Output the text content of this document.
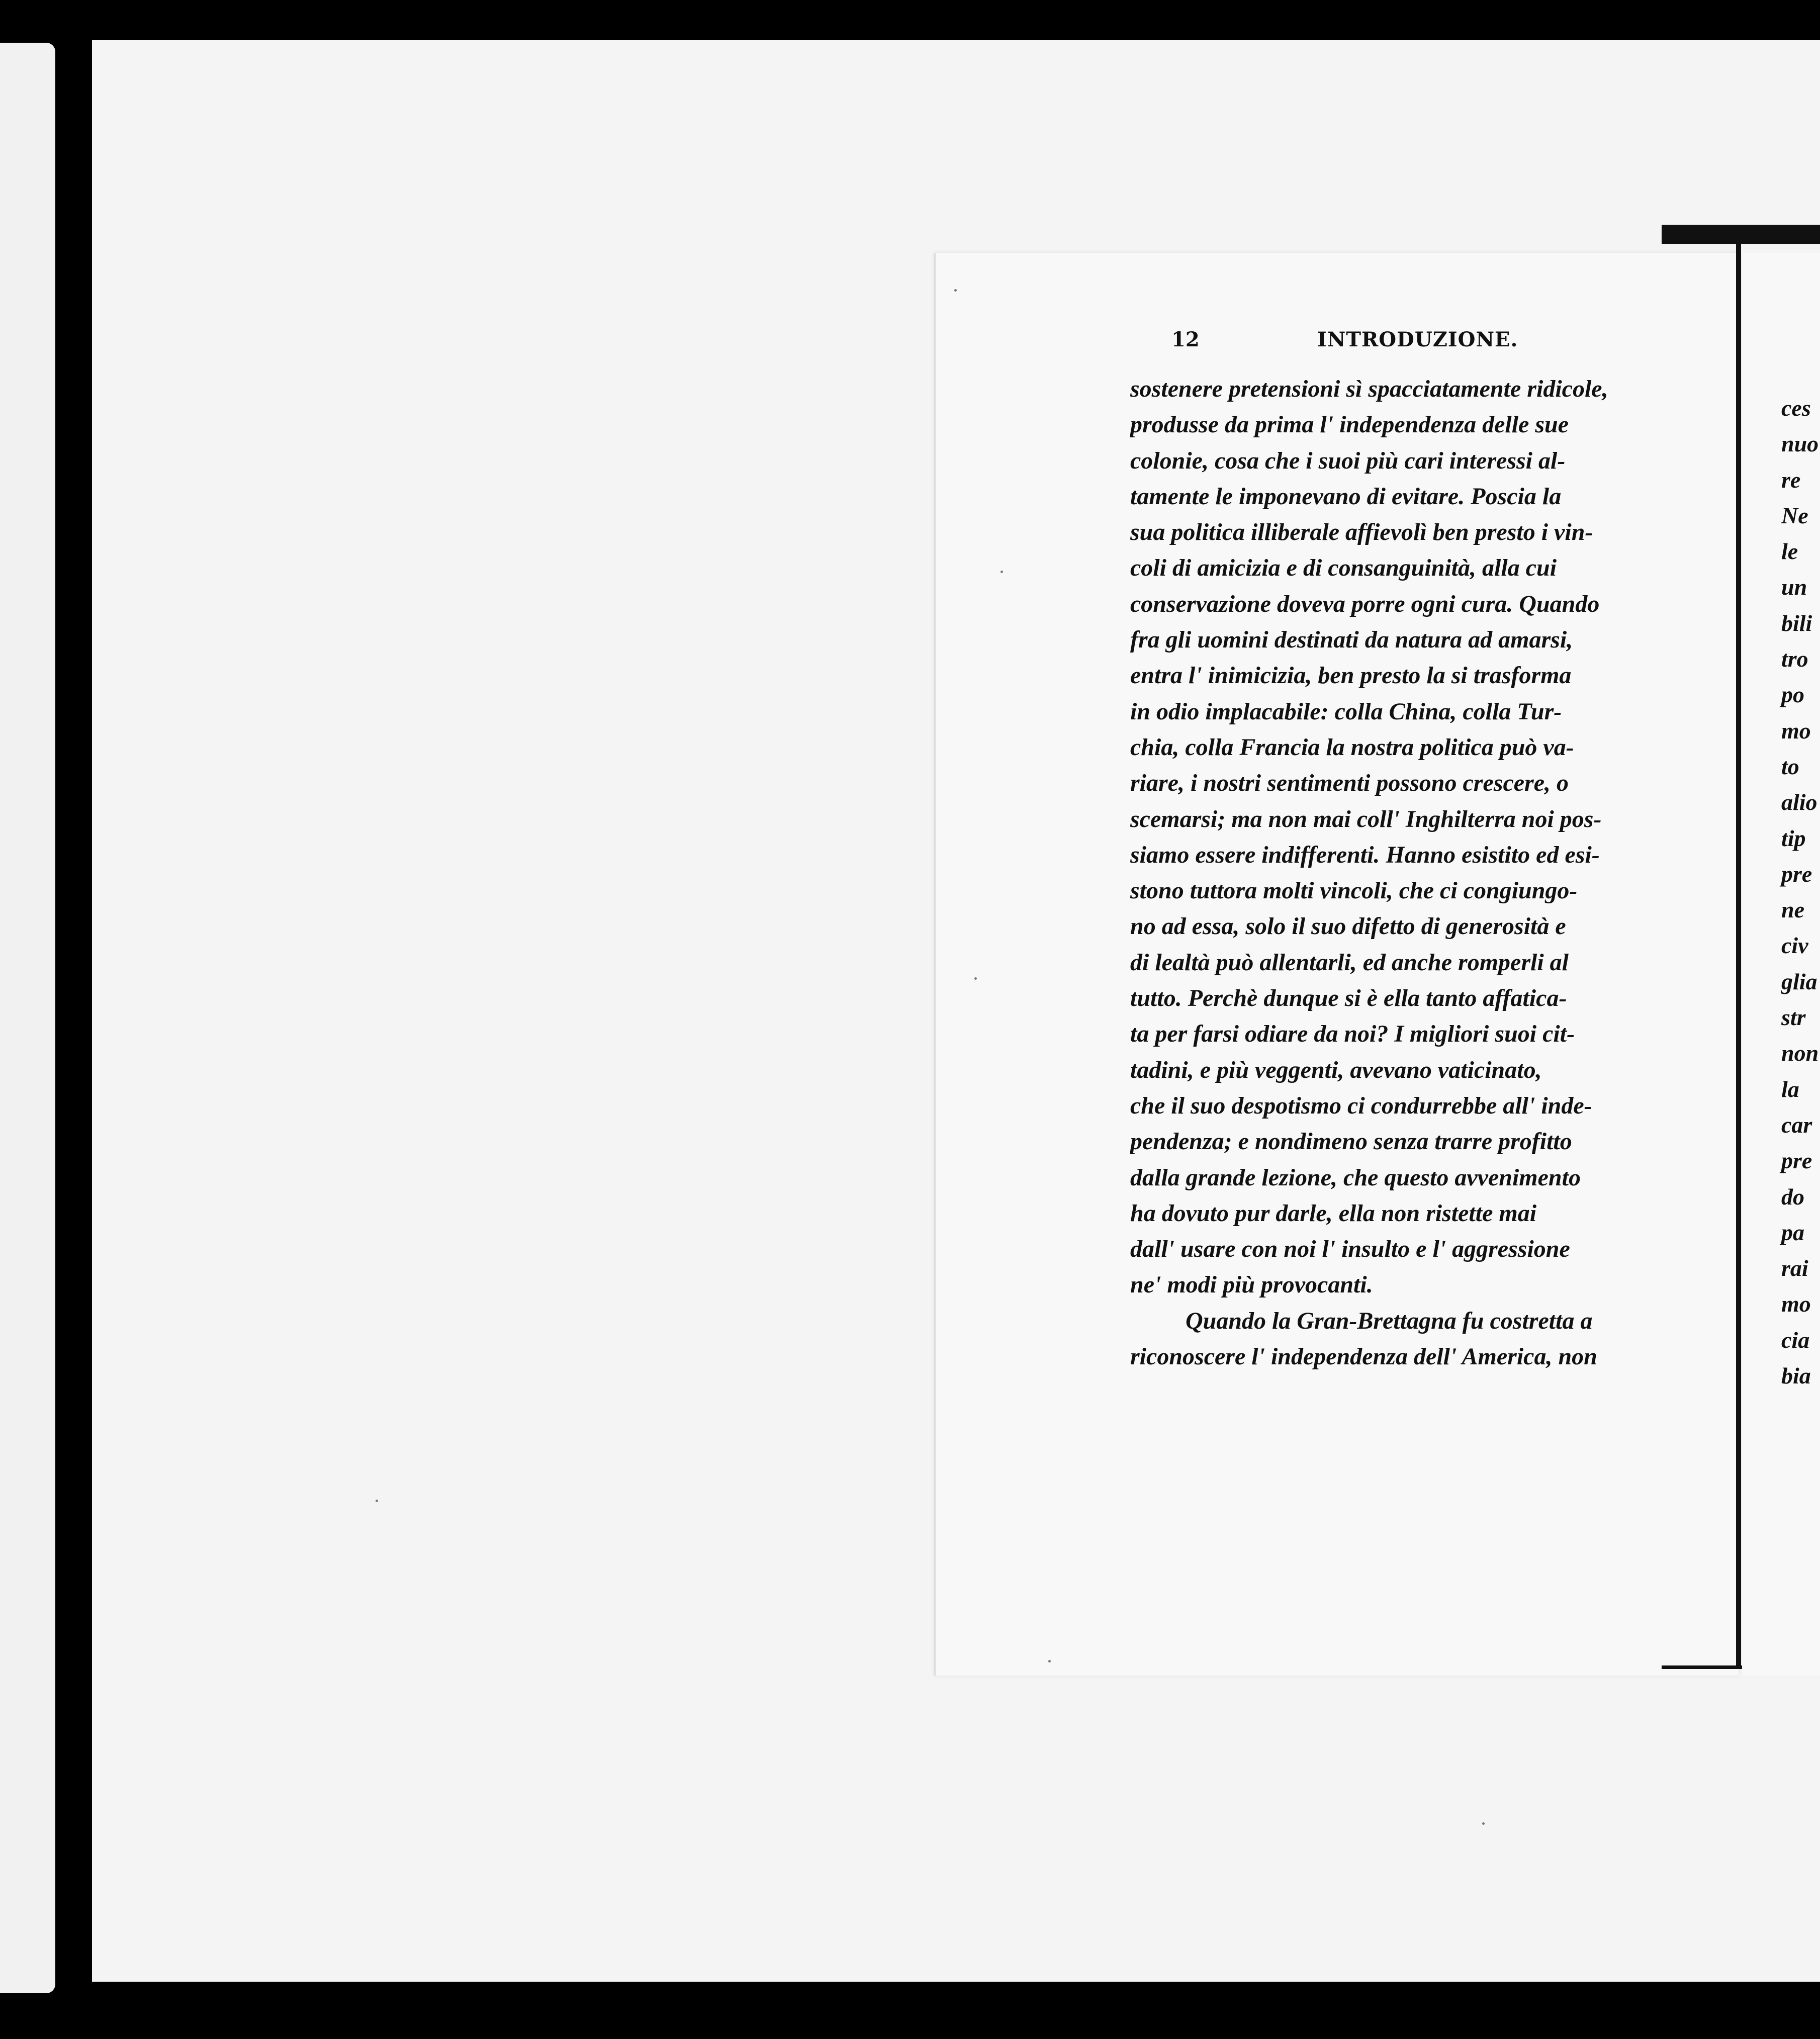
12	INTRODUZIONE.
sostenere pretensioni sì spacciatamente ridicole,
produsse da prima l' independenza delle sue
colonie, cosa che i suoi più cari interessi al-
tamente le imponevano di evitare. Poscia la
sua politica illiberale affievolì ben presto i vin-
coli di amicizia e di consanguinità, alla cui
conservazione doveva porre ogni cura. Quando
fra gli uomini destinati da natura ad amarsi,
entra l' inimicizia, ben presto la si trasforma
in odio implacabile: colla China, colla Tur-
chia, colla Francia la nostra politica può va-
riare, i nostri sentimenti possono crescere, o
scemarsi; ma non mai coll' Inghilterra noi pos-
siamo essere indifferenti. Hanno esistito ed esi-
stono tuttora molti vincoli, che ci congiungo-
no ad essa, solo il suo difetto di generosità e
di lealtà può allentarli, ed anche romperli al
tutto. Perchè dunque si è ella tanto affatica-
ta per farsi odiare da noi? I migliori suoi cit-
tadini, e più veggenti, avevano vaticinato,
che il suo despotismo ci condurrebbe all' inde-
pendenza; e nondimeno senza trarre profitto
dalla grande lezione, che questo avvenimento
ha dovuto pur darle, ella non ristette mai
dall' usare con noi l' insulto e l' aggressione
ne' modi più provocanti.
Quando la Gran-Brettagna fu costretta a
riconoscere l' independenza dell' America, non
ces
nuo
re
Ne
le
un
bili
tro
po
mo
to
alio
tip
pre
ne
civ
glia
str
non
la
car
pre
do
pa
rai
mo
cia
bia
